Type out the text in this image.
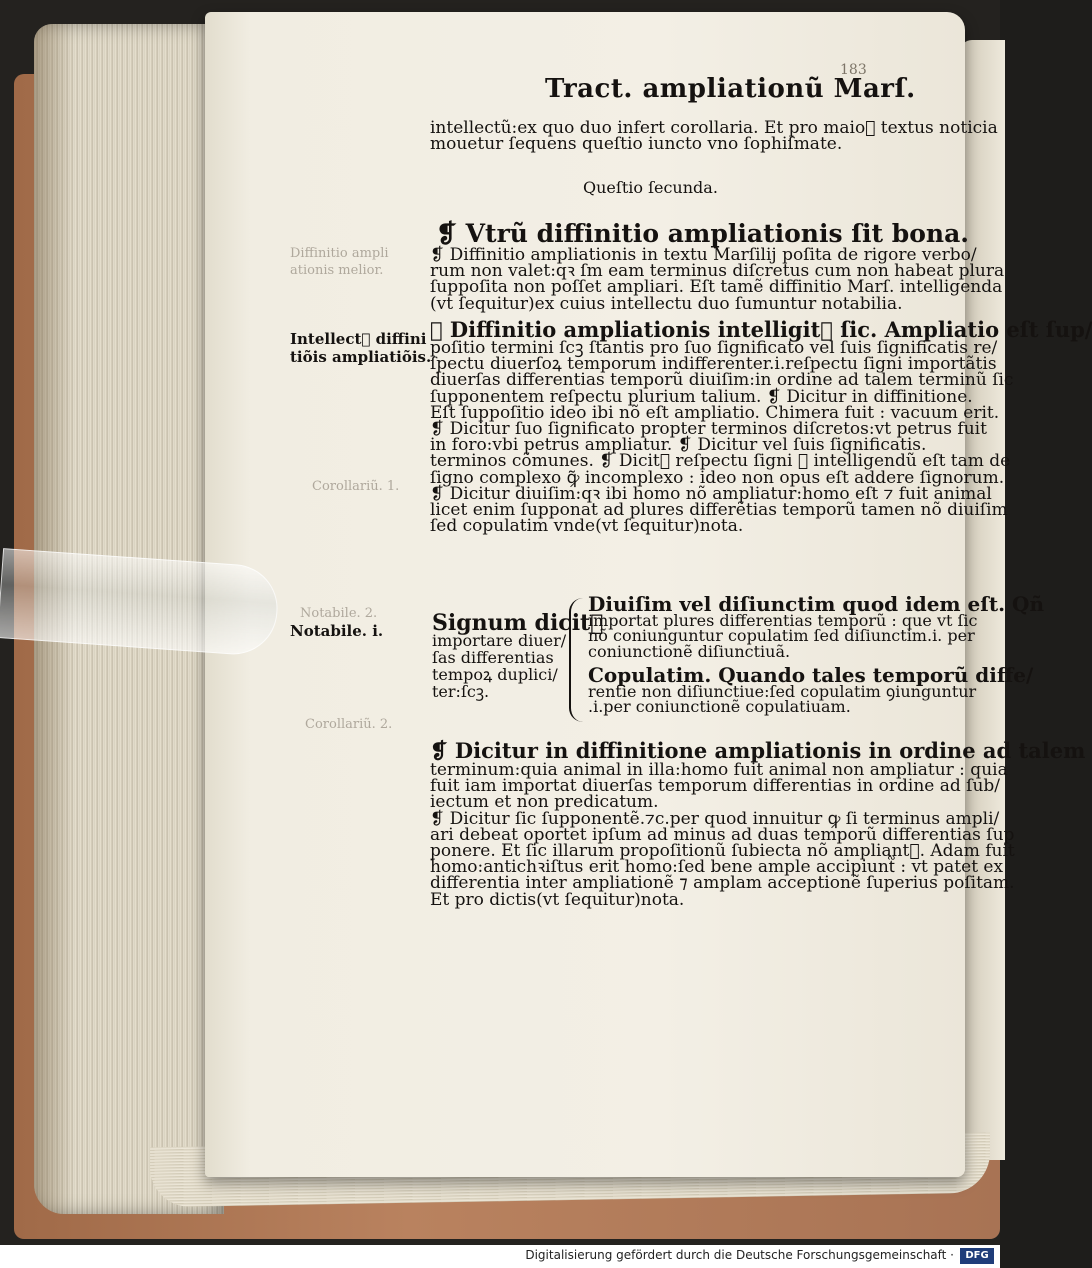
Corollariũ. 1.
Corollariũ. 2.
Notabile. 2.
Diffinitio ampli
ationis melior.
183
Tract. ampliationũ Marſ.
intellectũ:ex quo duo infert corollaria. Et pro maio᷑ textus noticia
mouetur ſequens queſtio iuncto vno ſophiſmate.
Queſtio ſecunda.
❡ Vtrũ diffinitio ampliationis ſit bona.
❡ Diffinitio ampliationis in textu Marſilij poſita de rigore verbo/
rum non valet:qꝛ ſm eam terminus diſcretus cum non habeat plura
ſuppoſita non poſſet ampliari. Eſt tamẽ diffinitio Marſ. intelligenda
(vt ſequitur)ex cuius intellectu duo ſumuntur notabilia.
Intellect᷑ diffini
tiõis ampliatiõis.
❡ Diffinitio ampliationis intelligit᷑ ſic. Ampliatio eſt ſup/
poſitio termini ſcꝫ ſtantis pro ſuo ſignificato vel ſuis ſignificatis re/
ſpectu diuerſoꝝ temporum indifferenter.i.reſpectu ſigni importãtis
diuerſas differentias temporũ diuiſim:in ordine ad talem terminũ ſic
ſupponentem reſpectu plurium talium. ❡ Dicitur in diffinitione.
Eſt ſuppoſitio ideo ibi nõ eſt ampliatio. Chimera fuit : vacuum erit.
❡ Dicitur ſuo ſignificato propter terminos diſcretos:vt petrus fuit
in foro:vbi petrus ampliatur. ❡ Dicitur vel ſuis ſignificatis.
terminos cõmunes. ❡ Dicit᷑ reſpectu ſigni ꝙ intelligendũ eſt tam de
ſigno complexo ꝙ̃ incomplexo : ideo non opus eſt addere ſignorum.
❡ Dicitur diuiſim:qꝛ ibi homo nõ ampliatur:homo eſt ⁊ fuit animal
licet enim ſupponat ad plures differẽtias temporũ tamen nõ diuiſim
ſed copulatim vnde(vt ſequitur)nota.
Notabile. i. Signum dicit᷑
importare diuer/
ſas differentias
tempoꝝ duplici/
ter:ſcꝫ.
Diuiſim vel diſiunctim quod idem eſt. Qñ
importat plures differentias temporũ : que vt ſic
nõ coniunguntur copulatim ſed diſiunctim.i. per
coniunctionẽ diſiunctiuã.
Copulatim. Quando tales temporũ diffe/
rentie non diſiunctiue:ſed copulatim ꝯiunguntur
.i.per coniunctionẽ copulatiuam.
❡ Dicitur in diffinitione ampliationis in ordine ad talem
terminum:quia animal in illa:homo fuit animal non ampliatur : quia
fuit iam importat diuerſas temporum differentias in ordine ad ſub/
iectum et non predicatum.
❡ Dicitur ſic ſupponentẽ.⁊c.per quod innuitur ꝙ ſi terminus ampli/
ari debeat oportet ipſum ad minus ad duas temporũ differentias ſup
ponere. Et ſic illarum propoſitionũ ſubiecta nõ ampliant᷑. Adam fuit
homo:antichꝛiſtus erit homo:ſed bene ample accipiunt᷑ : vt patet ex
differentia inter ampliationẽ ⁊ amplam acceptionẽ ſuperius poſitam.
Et pro dictis(vt ſequitur)nota.
Digitalisierung gefördert durch die Deutsche Forschungsgemeinschaft ·	DFG
